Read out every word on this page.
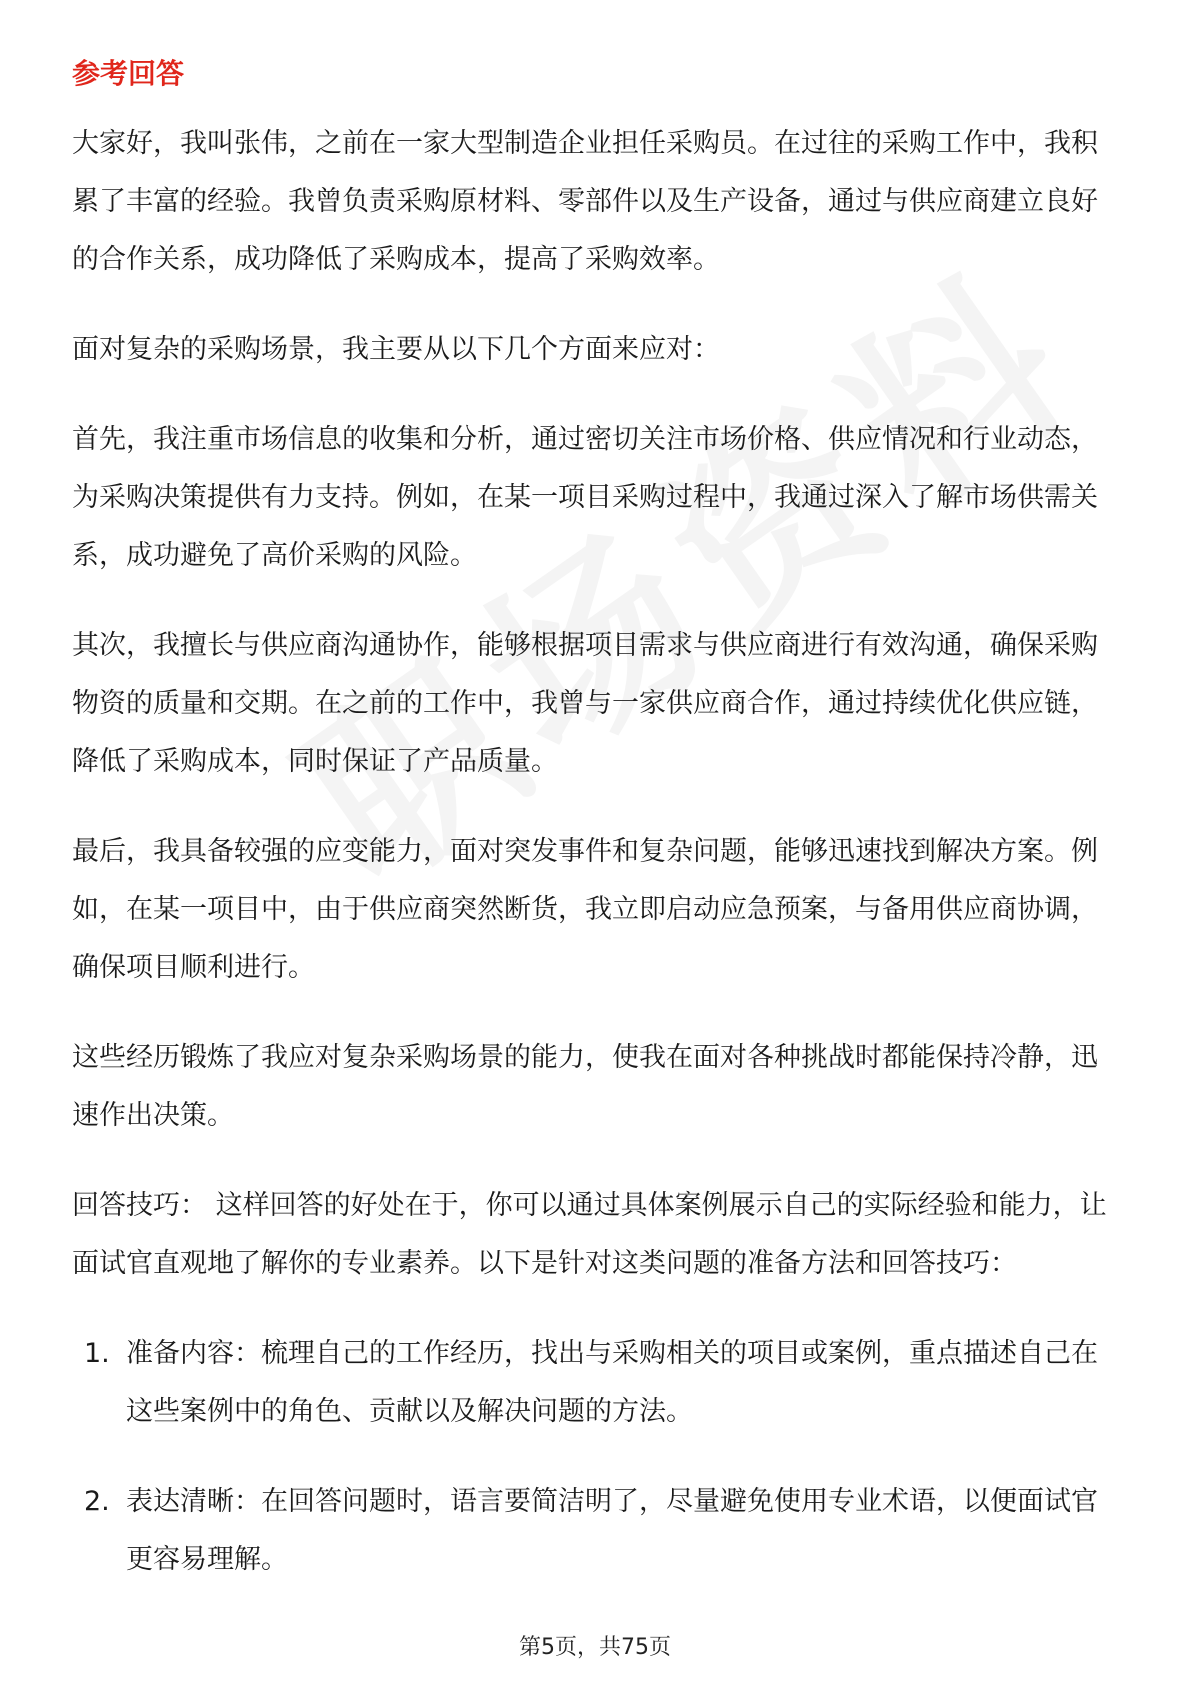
参考回答

大家好，我叫张伟，之前在一家大型制造企业担任采购员。在过往的采购工作中，我积累了丰富的经验。我曾负责采购原材料、零部件以及生产设备，通过与供应商建立良好的合作关系，成功降低了采购成本，提高了采购效率。

面对复杂的采购场景，我主要从以下几个方面来应对：

首先，我注重市场信息的收集和分析，通过密切关注市场价格、供应情况和行业动态，为采购决策提供有力支持。例如，在某一项目采购过程中，我通过深入了解市场供需关系，成功避免了高价采购的风险。

其次，我擅长与供应商沟通协作，能够根据项目需求与供应商进行有效沟通，确保采购物资的质量和交期。在之前的工作中，我曾与一家供应商合作，通过持续优化供应链，降低了采购成本，同时保证了产品质量。

最后，我具备较强的应变能力，面对突发事件和复杂问题，能够迅速找到解决方案。例如，在某一项目中，由于供应商突然断货，我立即启动应急预案，与备用供应商协调，确保项目顺利进行。

这些经历锻炼了我应对复杂采购场景的能力，使我在面对各种挑战时都能保持冷静，迅速作出决策。

回答技巧： 这样回答的好处在于，你可以通过具体案例展示自己的实际经验和能力，让面试官直观地了解你的专业素养。以下是针对这类问题的准备方法和回答技巧：

1. 准备内容：梳理自己的工作经历，找出与采购相关的项目或案例，重点描述自己在这些案例中的角色、贡献以及解决问题的方法。
2. 表达清晰：在回答问题时，语言要简洁明了，尽量避免使用专业术语，以便面试官更容易理解。
第5页，共75页
